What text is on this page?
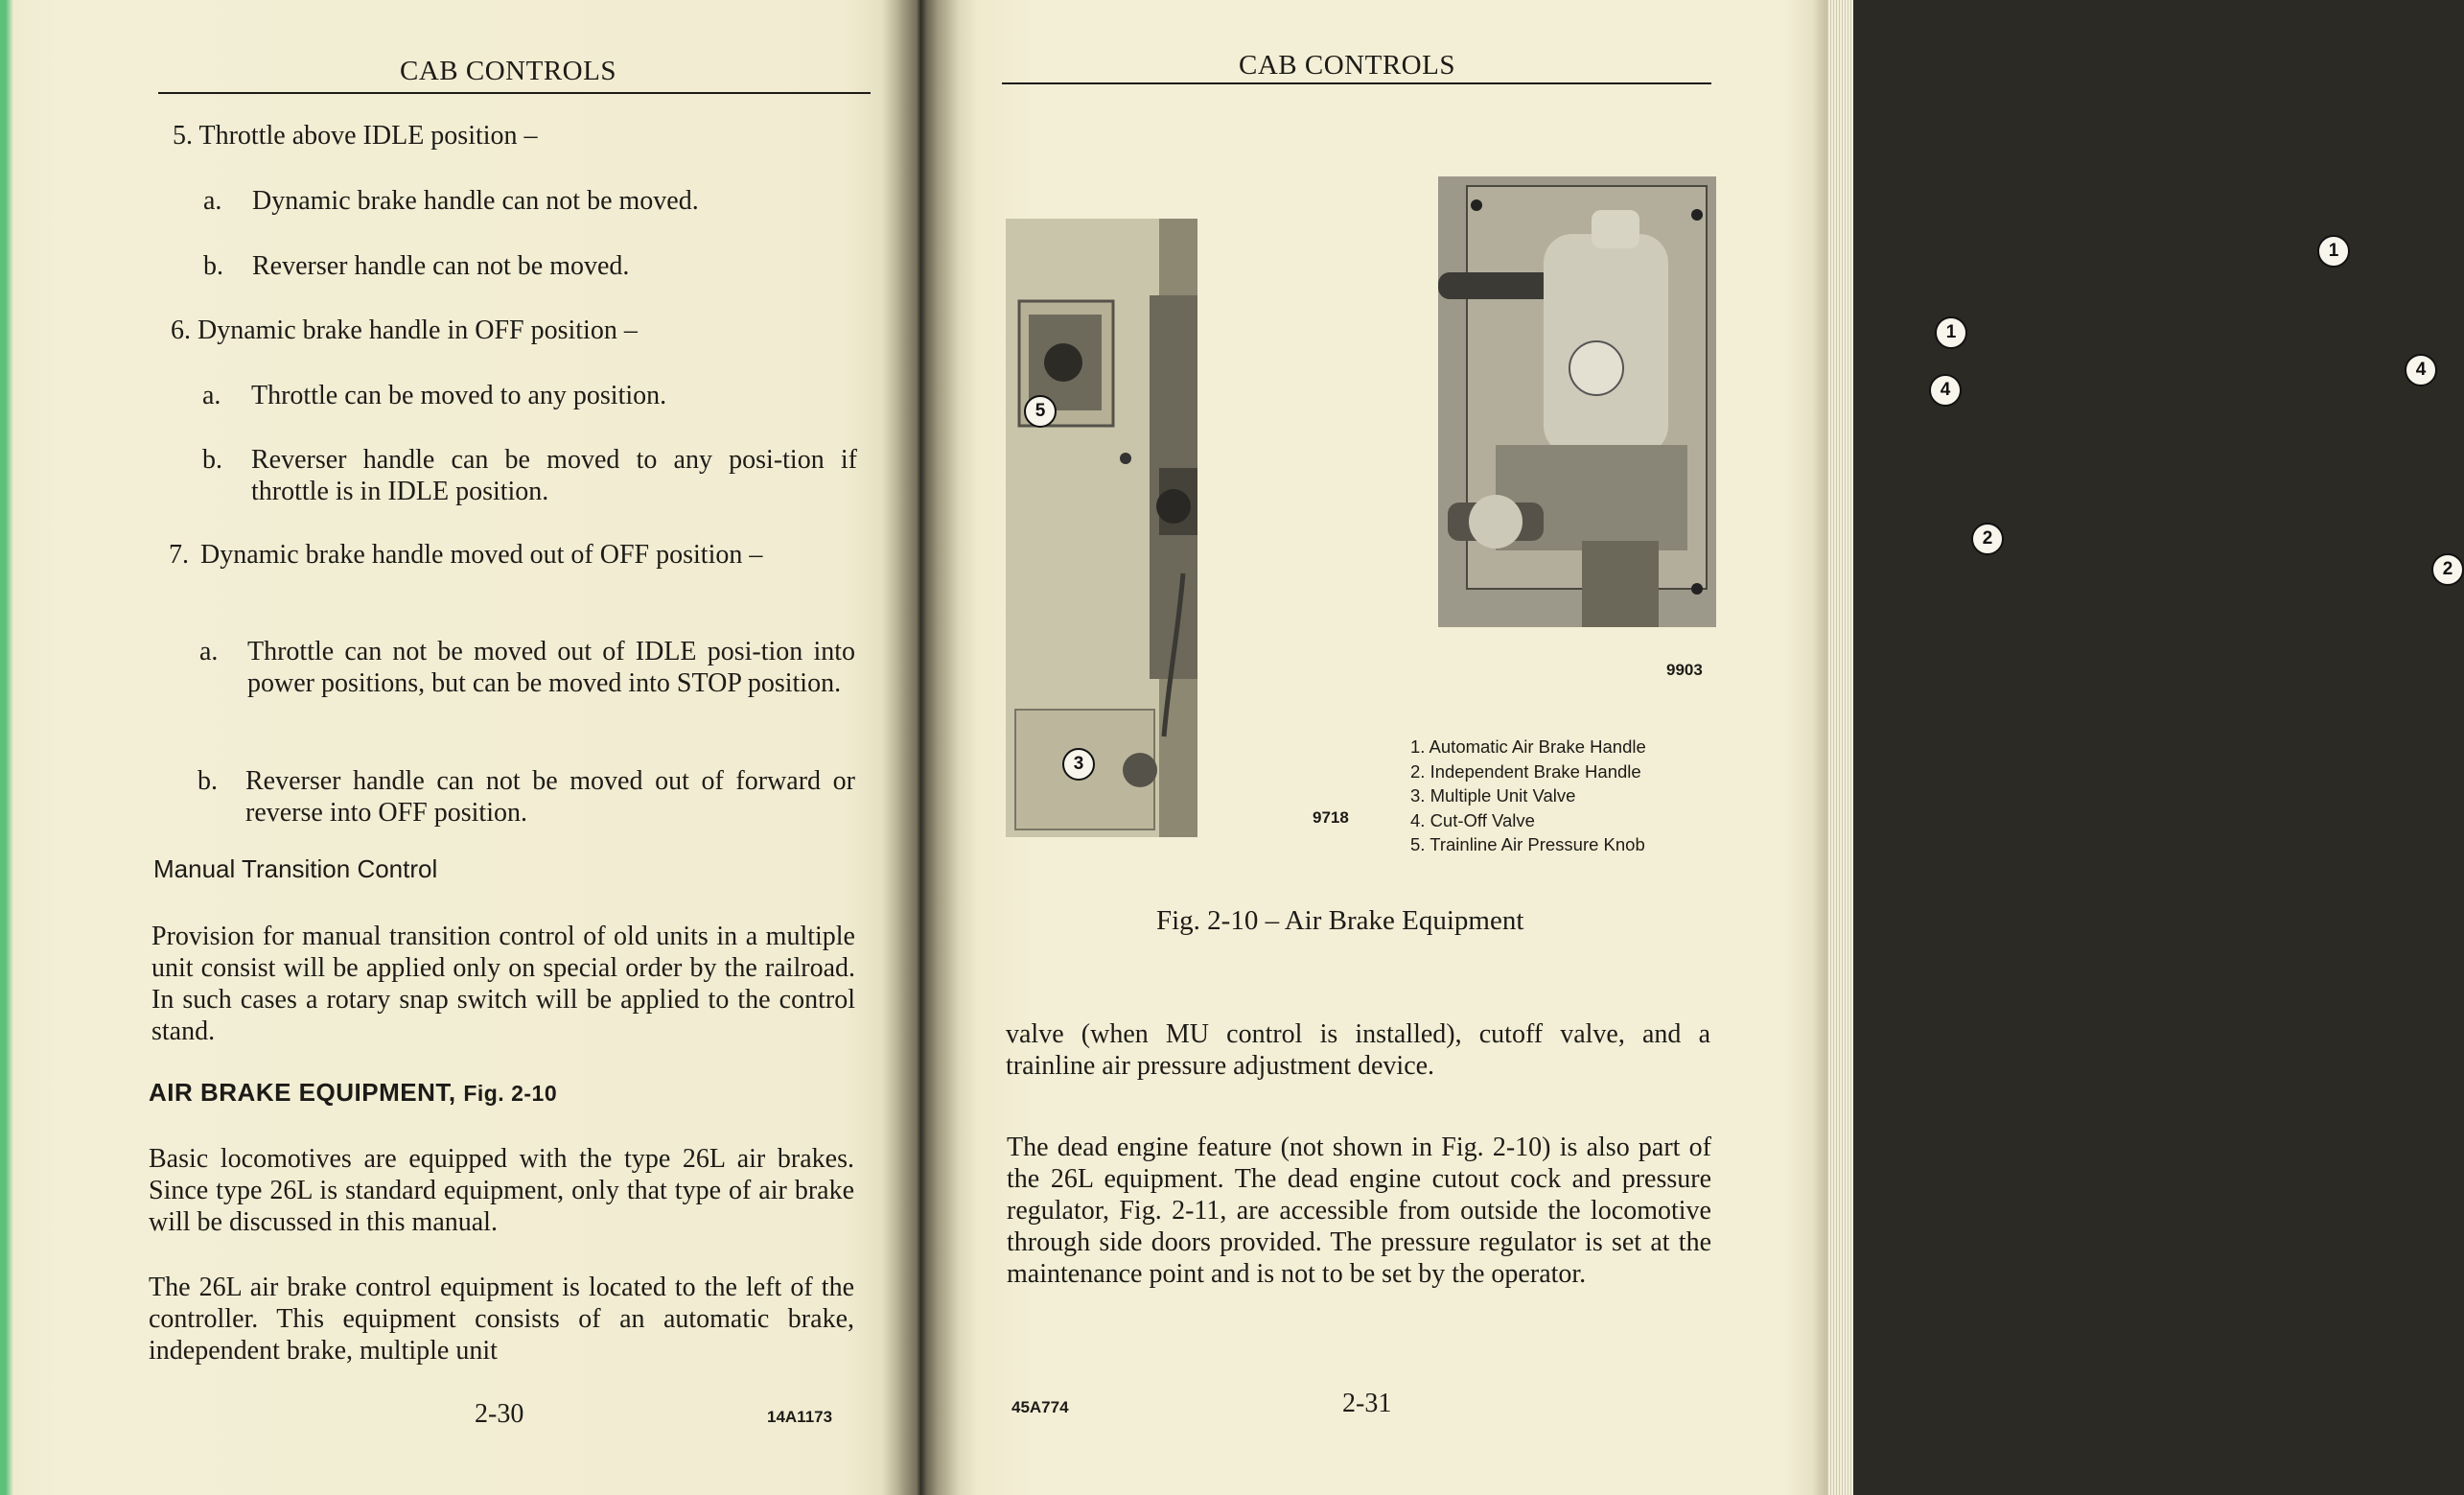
CAB CONTROLS
5. Throttle above IDLE position –
a. Dynamic brake handle can not be moved.
b. Reverser handle can not be moved.
6. Dynamic brake handle in OFF position –
a. Throttle can be moved to any position.
b. Reverser handle can be moved to any posi-tion if throttle is in IDLE position.
7. Dynamic brake handle moved out of OFF position –
a. Throttle can not be moved out of IDLE posi-tion into power positions, but can be moved into STOP position.
b. Reverser handle can not be moved out of forward or reverse into OFF position.
Manual Transition Control
Provision for manual transition control of old units in a multiple unit consist will be applied only on special order by the railroad. In such cases a rotary snap switch will be applied to the control stand.
AIR BRAKE EQUIPMENT, Fig. 2-10
Basic locomotives are equipped with the type 26L air brakes. Since type 26L is standard equipment, only that type of air brake will be discussed in this manual.
The 26L air brake control equipment is located to the left of the controller. This equipment consists of an automatic brake, independent brake, multiple unit
2-30	14A1173
CAB CONTROLS
1
4
5
2
3
9718
1
4
2
9903
1. Automatic Air Brake Handle
2. Independent Brake Handle
3. Multiple Unit Valve
4. Cut-Off Valve
5. Trainline Air Pressure Knob
Fig. 2-10 – Air Brake Equipment
valve (when MU control is installed), cutoff valve, and a trainline air pressure adjustment device.
The dead engine feature (not shown in Fig. 2-10) is also part of the 26L equipment. The dead engine cutout cock and pressure regulator, Fig. 2-11, are accessible from outside the locomotive through side doors provided. The pressure regulator is set at the maintenance point and is not to be set by the operator.
45A774	2-31
